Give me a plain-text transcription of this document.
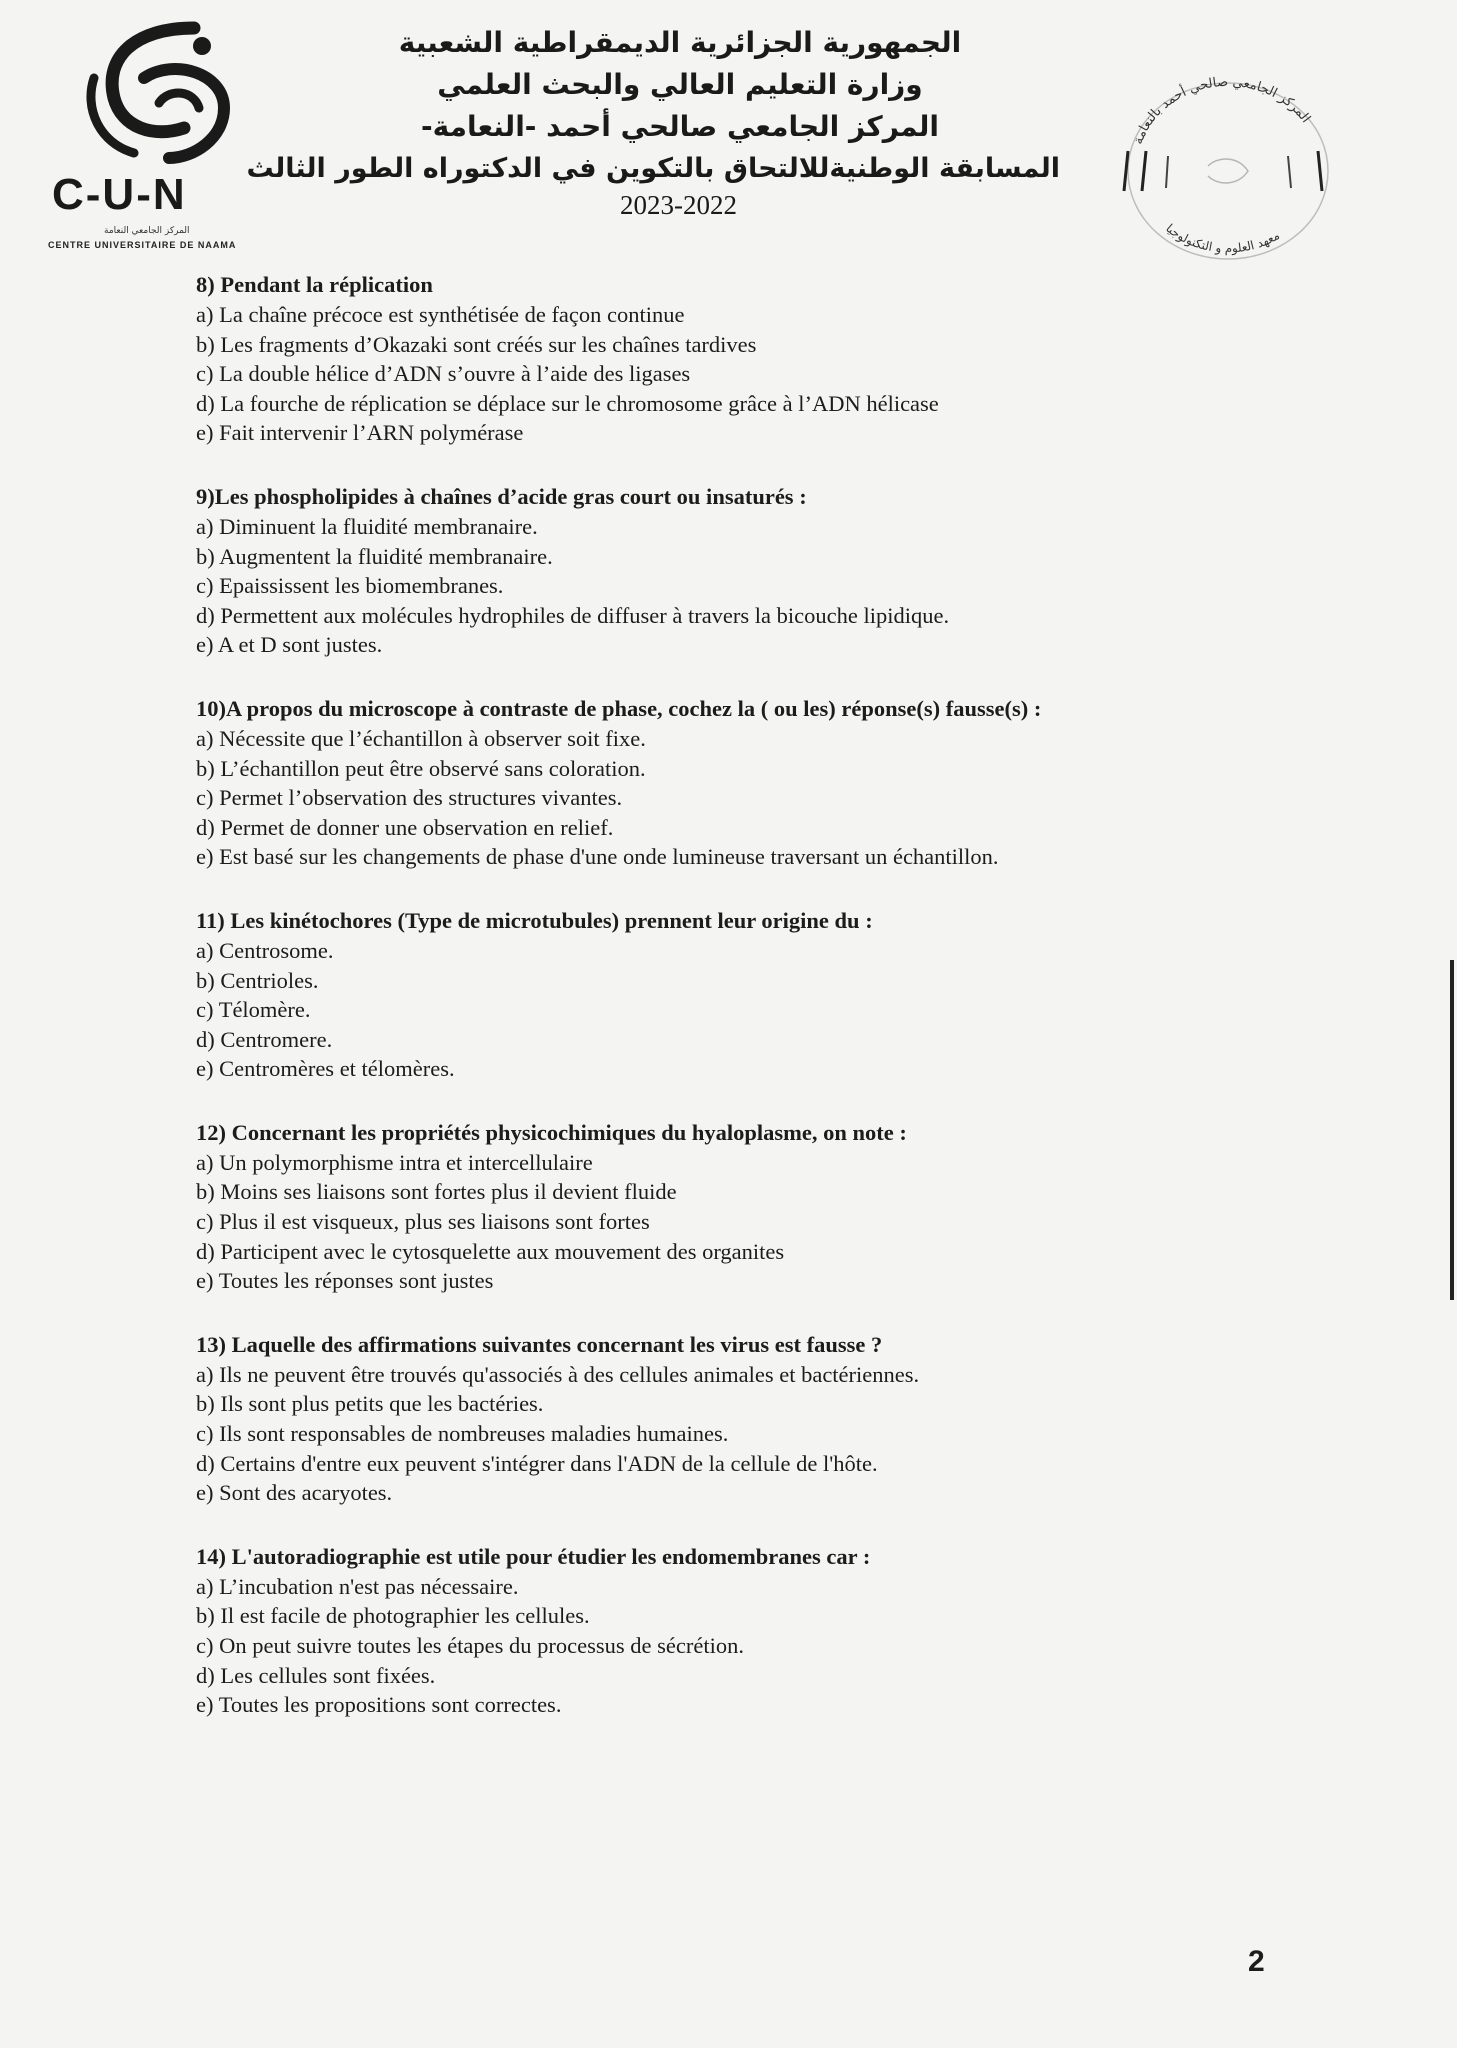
C-U-N
المركز الجامعي النعامة
CENTRE UNIVERSITAIRE DE NAAMA
الجمهورية الجزائرية الديمقراطية الشعبية
وزارة التعليم العالي والبحث العلمي
المركز الجامعي صالحي أحمد -النعامة-
المسابقة الوطنيةللالتحاق بالتكوين في الدكتوراه الطور الثالث
2023-2022
المركز الجامعي صالحي أحمد بالنعامة
معهد العلوم و التكنولوجيا
8) Pendant la réplication
a) La chaîne précoce est synthétisée de façon continue
b) Les fragments d’Okazaki sont créés sur les chaînes tardives
c) La double hélice d’ADN s’ouvre à l’aide des ligases
d) La fourche de réplication se déplace sur le chromosome grâce à l’ADN hélicase
e) Fait intervenir l’ARN polymérase
9)Les phospholipides à chaînes d’acide gras court ou insaturés :
a) Diminuent la fluidité membranaire.
b) Augmentent la fluidité membranaire.
c) Epaississent les biomembranes.
d) Permettent aux molécules hydrophiles de diffuser à travers la bicouche lipidique.
e) A et D sont justes.
10)A propos du microscope à contraste de phase, cochez la ( ou les) réponse(s) fausse(s) :
a) Nécessite que l’échantillon à observer soit fixe.
b) L’échantillon peut être observé sans coloration.
c) Permet l’observation des structures vivantes.
d) Permet de donner une observation en relief.
e) Est basé sur les changements de phase d'une onde lumineuse traversant un échantillon.
11) Les kinétochores (Type de microtubules) prennent leur origine du :
a) Centrosome.
b) Centrioles.
c) Télomère.
d) Centromere.
e) Centromères et télomères.
12) Concernant les propriétés physicochimiques du hyaloplasme, on note :
a) Un polymorphisme intra et intercellulaire
b) Moins ses liaisons sont fortes plus il devient fluide
c) Plus il est visqueux, plus ses liaisons sont fortes
d) Participent avec le cytosquelette aux mouvement des organites
e) Toutes les réponses sont justes
13) Laquelle des affirmations suivantes concernant les virus est fausse ?
a) Ils ne peuvent être trouvés qu'associés à des cellules animales et bactériennes.
b) Ils sont plus petits que les bactéries.
c) Ils sont responsables de nombreuses maladies humaines.
d) Certains d'entre eux peuvent s'intégrer dans l'ADN de la cellule de l'hôte.
e) Sont des acaryotes.
14) L'autoradiographie est utile pour étudier les endomembranes car :
a) L’incubation n'est pas nécessaire.
b) Il est facile de photographier les cellules.
c) On peut suivre toutes les étapes du processus de sécrétion.
d) Les cellules sont fixées.
e) Toutes les propositions sont correctes.
2
